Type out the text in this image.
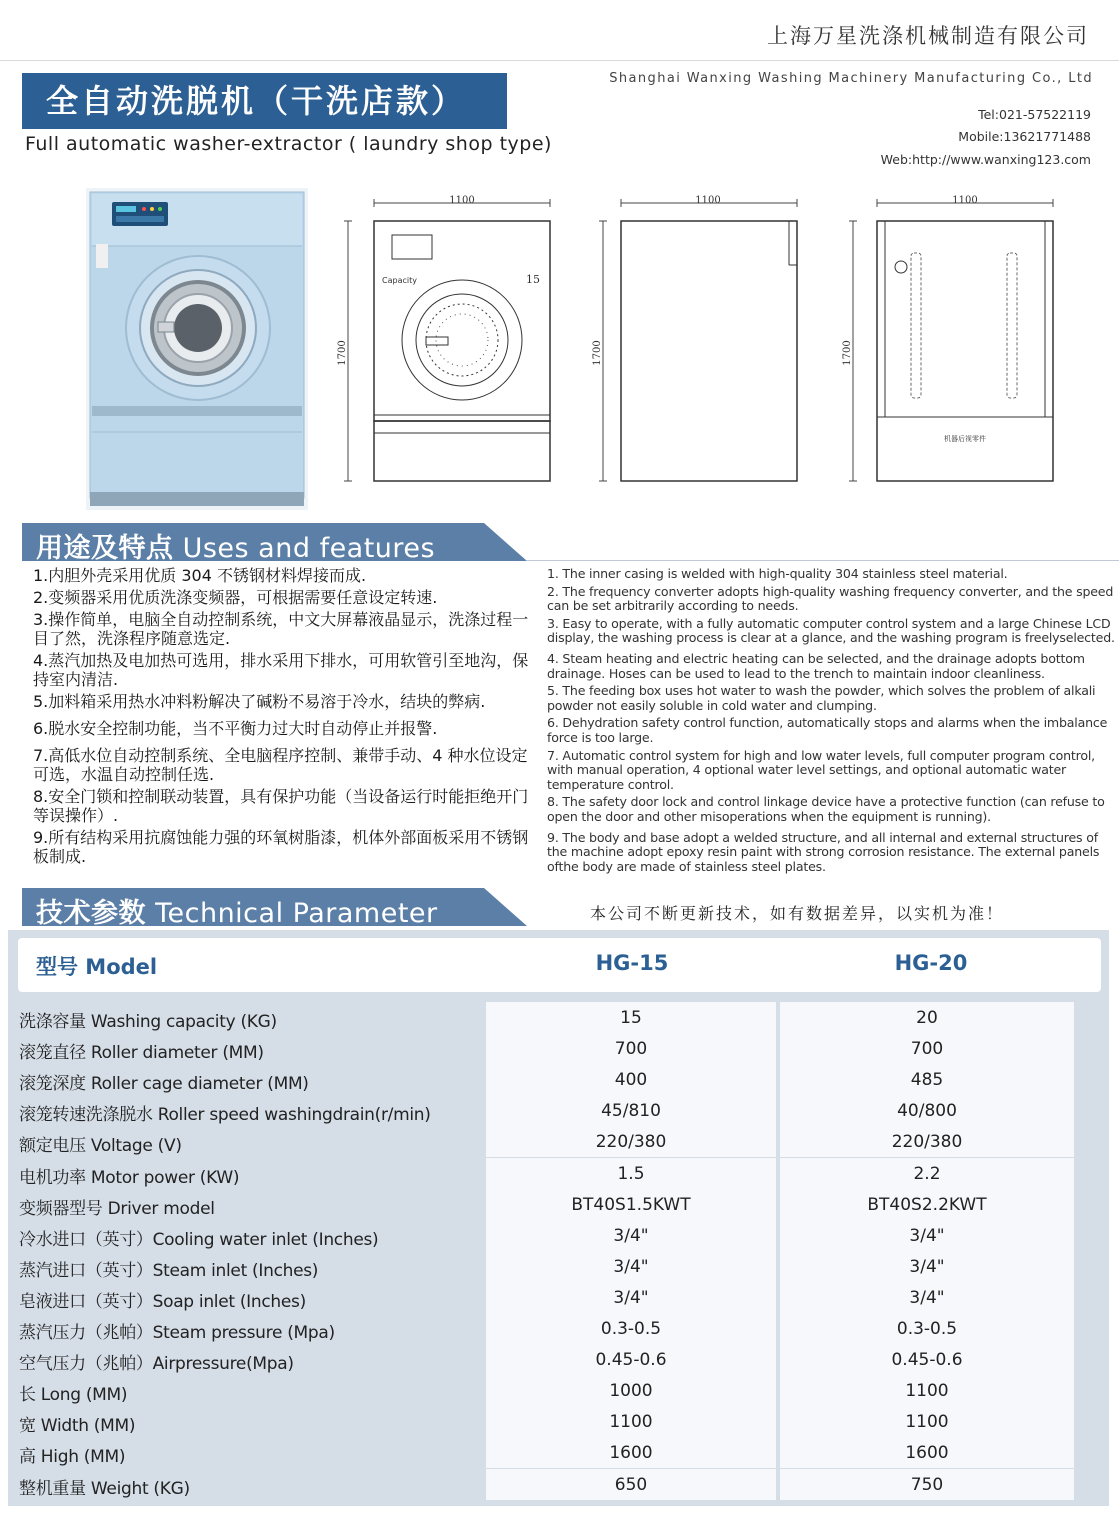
上海万星洗涤机械制造有限公司
全自动洗脱机（干洗店款）
Full automatic washer-extractor ( laundry shop type)
Shanghai Wanxing Washing Machinery Manufacturing Co., Ltd
Tel:021-57522119
Mobile:13621771488
Web:http://www.wanxing123.com
1100
1700
Capacity	15
1100
1700
1100
1700
机器后视零件
用途及特点 Uses and features
1.内胆外壳采用优质 304 不锈钢材料焊接而成.
2.变频器采用优质洗涤变频器，可根据需要任意设定转速.
3.操作简单，电脑全自动控制系统，中文大屏幕液晶显示，洗涤过程一目了然，洗涤程序随意选定.
4.蒸汽加热及电加热可选用，排水采用下排水，可用软管引至地沟，保持室内清洁.
5.加料箱采用热水冲料粉解决了碱粉不易溶于冷水，结块的弊病.
6.脱水安全控制功能，当不平衡力过大时自动停止并报警.
7.高低水位自动控制系统、全电脑程序控制、兼带手动、4 种水位设定可选，水温自动控制任选.
8.安全门锁和控制联动装置，具有保护功能（当设备运行时能拒绝开门等误操作）.
9.所有结构采用抗腐蚀能力强的环氧树脂漆，机体外部面板采用不锈钢板制成.
1. The inner casing is welded with high-quality 304 stainless steel material.
2. The frequency converter adopts high-quality washing frequency converter, and the speed can be set arbitrarily according to needs.
3. Easy to operate, with a fully automatic computer control system and a large Chinese LCD display, the washing process is clear at a glance, and the washing program is freelyselected.
4. Steam heating and electric heating can be selected, and the drainage adopts bottom drainage. Hoses can be used to lead to the trench to maintain indoor cleanliness.
5. The feeding box uses hot water to wash the powder, which solves the problem of alkali powder not easily soluble in cold water and clumping.
6. Dehydration safety control function, automatically stops and alarms when the imbalance force is too large.
7. Automatic control system for high and low water levels, full computer program control, with manual operation, 4 optional water level settings, and optional automatic water temperature control.
8. The safety door lock and control linkage device have a protective function (can refuse to open the door and other misoperations when the equipment is running).
9. The body and base adopt a welded structure, and all internal and external structures of the machine adopt epoxy resin paint with strong corrosion resistance. The external panels ofthe body are made of stainless steel plates.
技术参数 Technical Parameter	本公司不断更新技术，如有数据差异，以实机为准！
型号 Model	HG-15	HG-20
洗涤容量 Washing capacity (KG)	15	20
滚笼直径 Roller diameter (MM)	700	700
滚笼深度 Roller cage diameter (MM)	400	485
滚笼转速洗涤脱水 Roller speed washingdrain(r/min)	45/810	40/800
额定电压 Voltage (V)	220/380	220/380
电机功率 Motor power (KW)	1.5	2.2
变频器型号 Driver model	BT40S1.5KWT	BT40S2.2KWT
冷水进口（英寸）Cooling water inlet (Inches)	3/4"	3/4"
蒸汽进口（英寸）Steam inlet (Inches)	3/4"	3/4"
皂液进口（英寸）Soap inlet (Inches)	3/4"	3/4"
蒸汽压力（兆帕）Steam pressure (Mpa)	0.3-0.5	0.3-0.5
空气压力（兆帕）Airpressure(Mpa)	0.45-0.6	0.45-0.6
长 Long (MM)	1000	1100
宽 Width (MM)	1100	1100
高 High (MM)	1600	1600
整机重量 Weight (KG)	650	750
